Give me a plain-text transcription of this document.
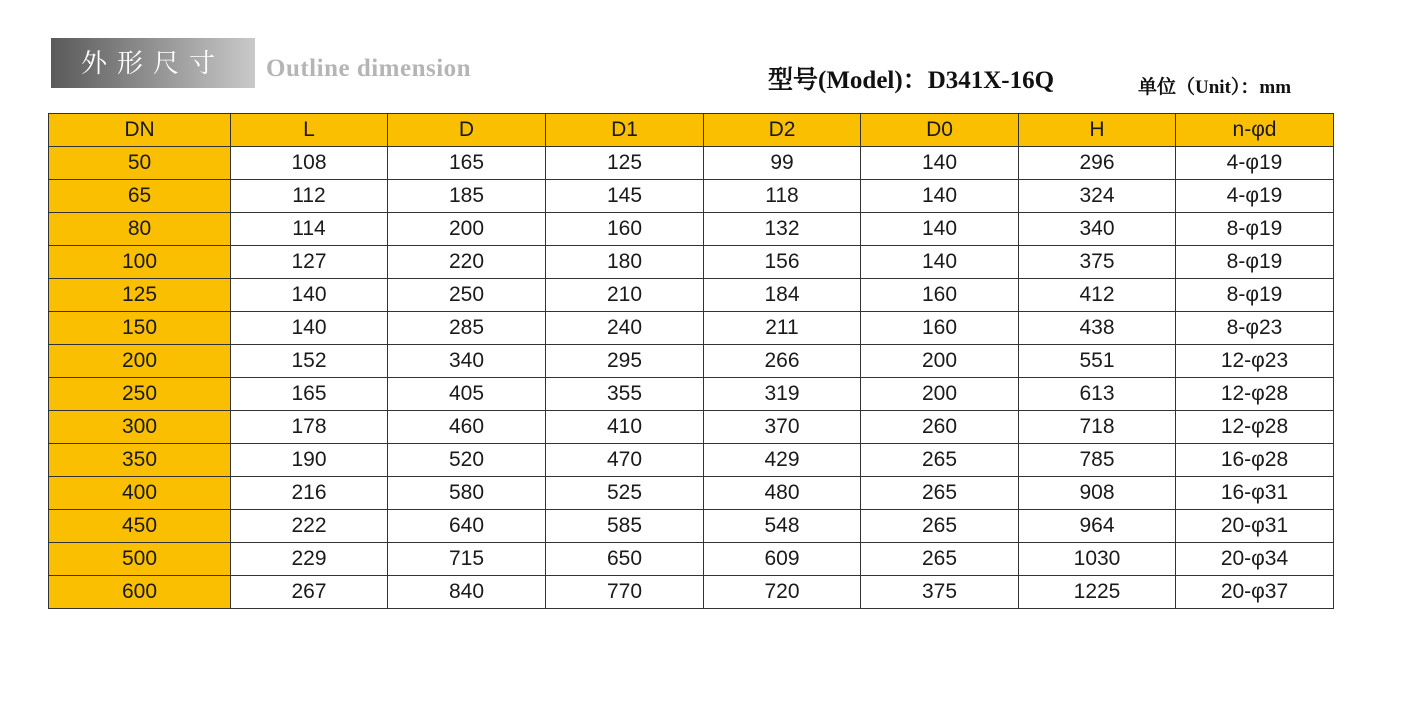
外形尺寸 Outline dimension	型号(Model)：D341X-16Q	单位（Unit）：mm
DN	L	D	D1	D2	D0	H	n-φd
50	108	165	125	99	140	296	4-φ19
65	112	185	145	118	140	324	4-φ19
80	114	200	160	132	140	340	8-φ19
100	127	220	180	156	140	375	8-φ19
125	140	250	210	184	160	412	8-φ19
150	140	285	240	211	160	438	8-φ23
200	152	340	295	266	200	551	12-φ23
250	165	405	355	319	200	613	12-φ28
300	178	460	410	370	260	718	12-φ28
350	190	520	470	429	265	785	16-φ28
400	216	580	525	480	265	908	16-φ31
450	222	640	585	548	265	964	20-φ31
500	229	715	650	609	265	1030	20-φ34
600	267	840	770	720	375	1225	20-φ37
